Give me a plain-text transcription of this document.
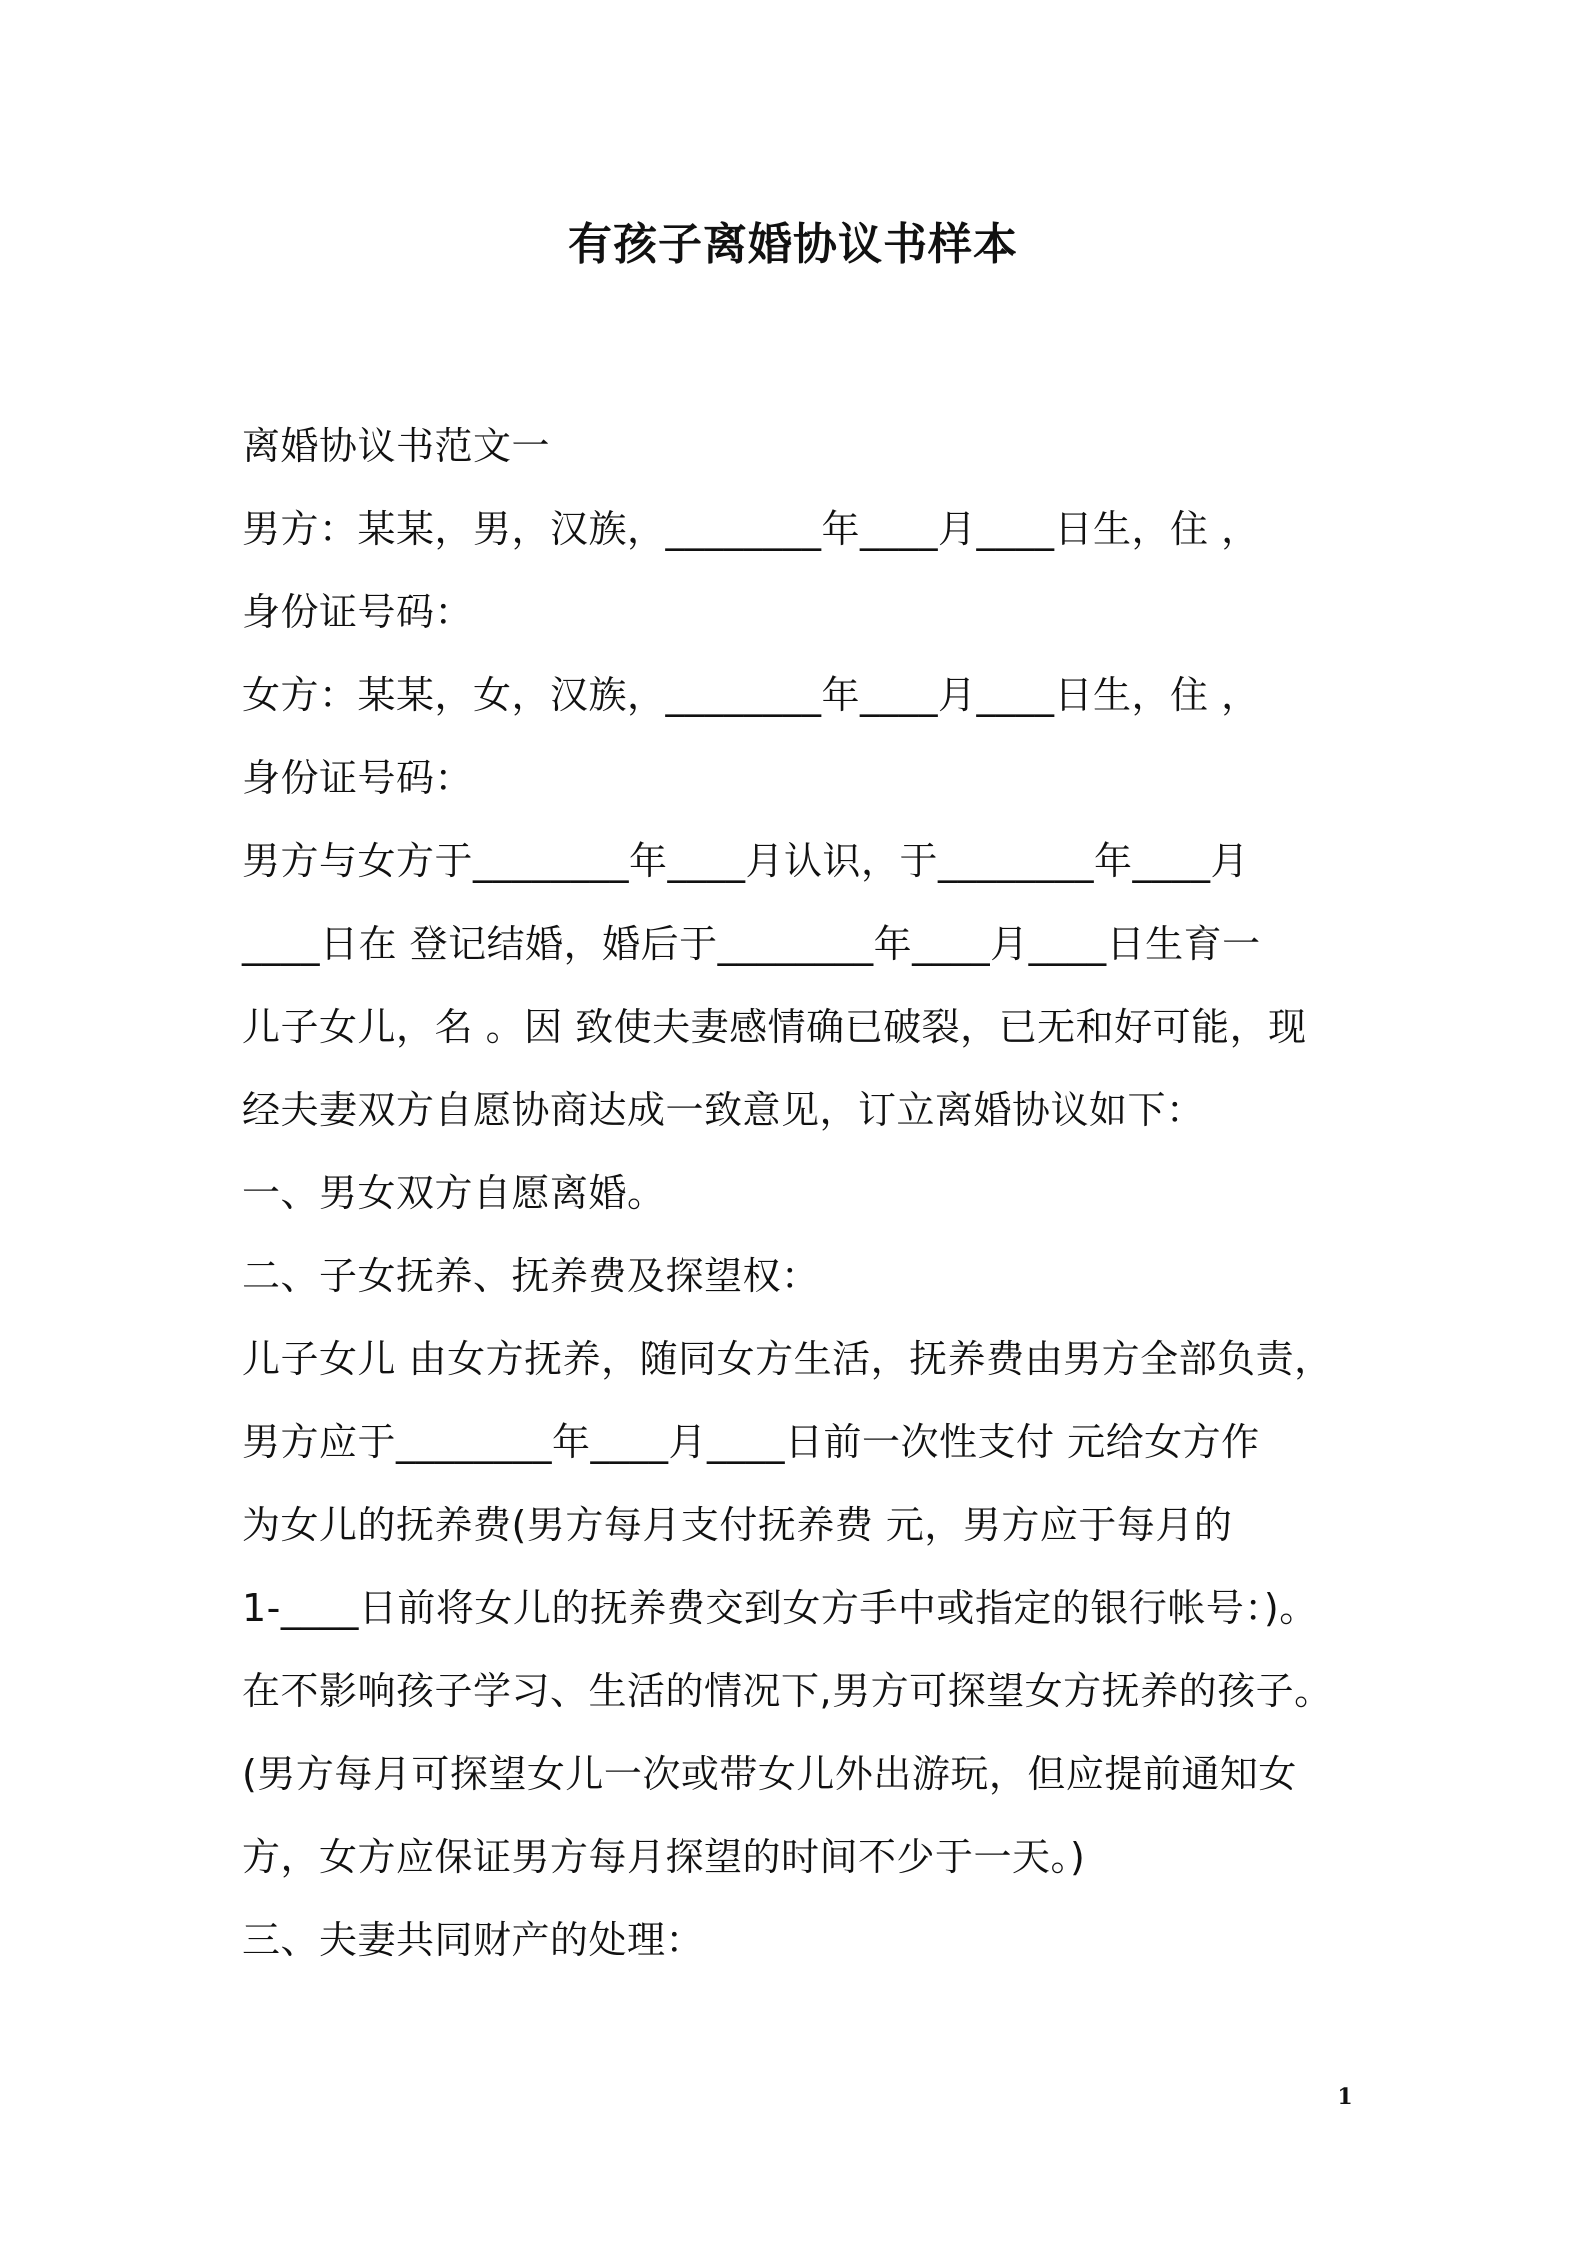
有孩子离婚协议书样本
离婚协议书范文一
男方：某某，男，汉族，________年____月____日生，住 ，
身份证号码：
女方：某某，女，汉族，________年____月____日生，住 ，
身份证号码：
男方与女方于________年____月认识，于________年____月
____日在 登记结婚，婚后于________年____月____日生育一
儿子女儿，名 。因 致使夫妻感情确已破裂，已无和好可能，现
经夫妻双方自愿协商达成一致意见，订立离婚协议如下：
一、男女双方自愿离婚。
二、子女抚养、抚养费及探望权：
儿子女儿 由女方抚养，随同女方生活，抚养费由男方全部负责，
男方应于________年____月____日前一次性支付 元给女方作
为女儿的抚养费(男方每月支付抚养费 元，男方应于每月的
1-____日前将女儿的抚养费交到女方手中或指定的银行帐号：)。
在不影响孩子学习、生活的情况下,男方可探望女方抚养的孩子。
(男方每月可探望女儿一次或带女儿外出游玩，但应提前通知女
方，女方应保证男方每月探望的时间不少于一天。)
三、夫妻共同财产的处理：
1
